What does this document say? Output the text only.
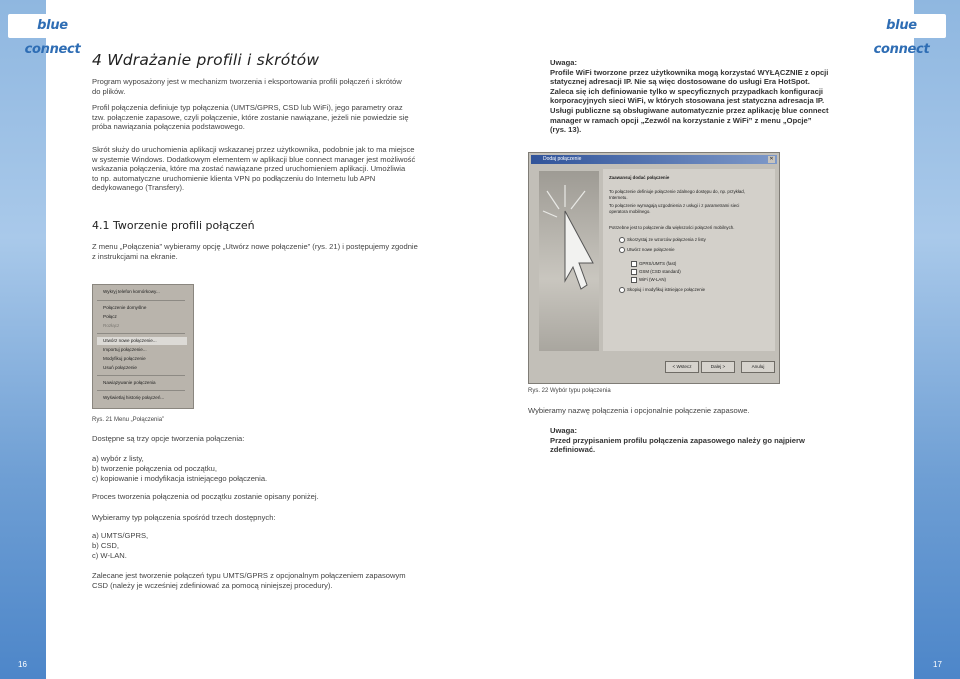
blue connect
blue connect
16	17
4 Wdrażanie profili i skrótów
Program wyposażony jest w mechanizm tworzenia i eksportowania profili połączeń i skrótów
do plików.
Profil połączenia definiuje typ połączenia (UMTS/GPRS, CSD lub WiFi), jego parametry oraz
tzw. połączenie zapasowe, czyli połączenie, które zostanie nawiązane, jeżeli nie powiedzie się
próba nawiązania połączenia podstawowego.
Skrót służy do uruchomienia aplikacji wskazanej przez użytkownika, podobnie jak to ma miejsce
w systemie Windows. Dodatkowym elementem w aplikacji blue connect manager jest możliwość
wskazania połączenia, które ma zostać nawiązane przed uruchomieniem aplikacji. Umożliwia
to np. automatyczne uruchomienie klienta VPN po podłączeniu do Internetu lub APN
dedykowanego (Transfery).
4.1 Tworzenie profili połączeń
Z menu „Połączenia” wybieramy opcję „Utwórz nowe połączenie” (rys. 21) i postępujemy zgodnie
z instrukcjami na ekranie.
Wykryj telefon komórkowy...
Połączenie domyślne
Połącz
Rozłącz
Utwórz nowe połączenie...
Importuj połączenie...
Modyfikuj połączenie
Usuń połączenie
Nawiązywanie połączenia
Wyświetlaj historię połączeń...
Rys. 21 Menu „Połączenia”
Dostępne są trzy opcje tworzenia połączenia:
a) wybór z listy,
b) tworzenie połączenia od początku,
c) kopiowanie i modyfikacja istniejącego połączenia.
Proces tworzenia połączenia od początku zostanie opisany poniżej.
Wybieramy typ połączenia spośród trzech dostępnych:
a) UMTS/GPRS,
b) CSD,
c) W-LAN.
Zalecane jest tworzenie połączeń typu UMTS/GPRS z opcjonalnym połączeniem zapasowym
CSD (należy je wcześniej zdefiniować za pomocą niniejszej procedury).
Uwaga:
Profile WiFi tworzone przez użytkownika mogą korzystać WYŁĄCZNIE z opcji
statycznej adresacji IP. Nie są więc dostosowane do usługi Era HotSpot.
Zaleca się ich definiowanie tylko w specyficznych przypadkach konfiguracji
korporacyjnych sieci WiFi, w których stosowana jest statyczna adresacja IP.
Usługi publiczne są obsługiwane automatycznie przez aplikację blue connect
manager w ramach opcji „Zezwól na korzystanie z WiFi” z menu „Opcje”
(rys. 13).
Dodaj połączenie	✕
Zaawansuj dodać połączenie
To połączenie definiuje połączenie zdalnego dostępu do, np. przykład,
Internetu.
To połączenie wymagają uzgodnienia z usługi i z parametrami sieci
operatora mobilnego.
Potrzebne jest to połączenie dla większości połączeń mobilnych.
Skorzystaj ze wzorców połączenia z listy
Utwórz nowe połączenie
GPRS/UMTS (fast)
GSM (CSD standard)
WiFi (W-LAN)
Skopiuj i modyfikuj istniejące połączenie
< Wstecz	Dalej >	Anuluj
Rys. 22 Wybór typu połączenia
Wybieramy nazwę połączenia i opcjonalnie połączenie zapasowe.
Uwaga:
Przed przypisaniem profilu połączenia zapasowego należy go najpierw
zdefiniować.
